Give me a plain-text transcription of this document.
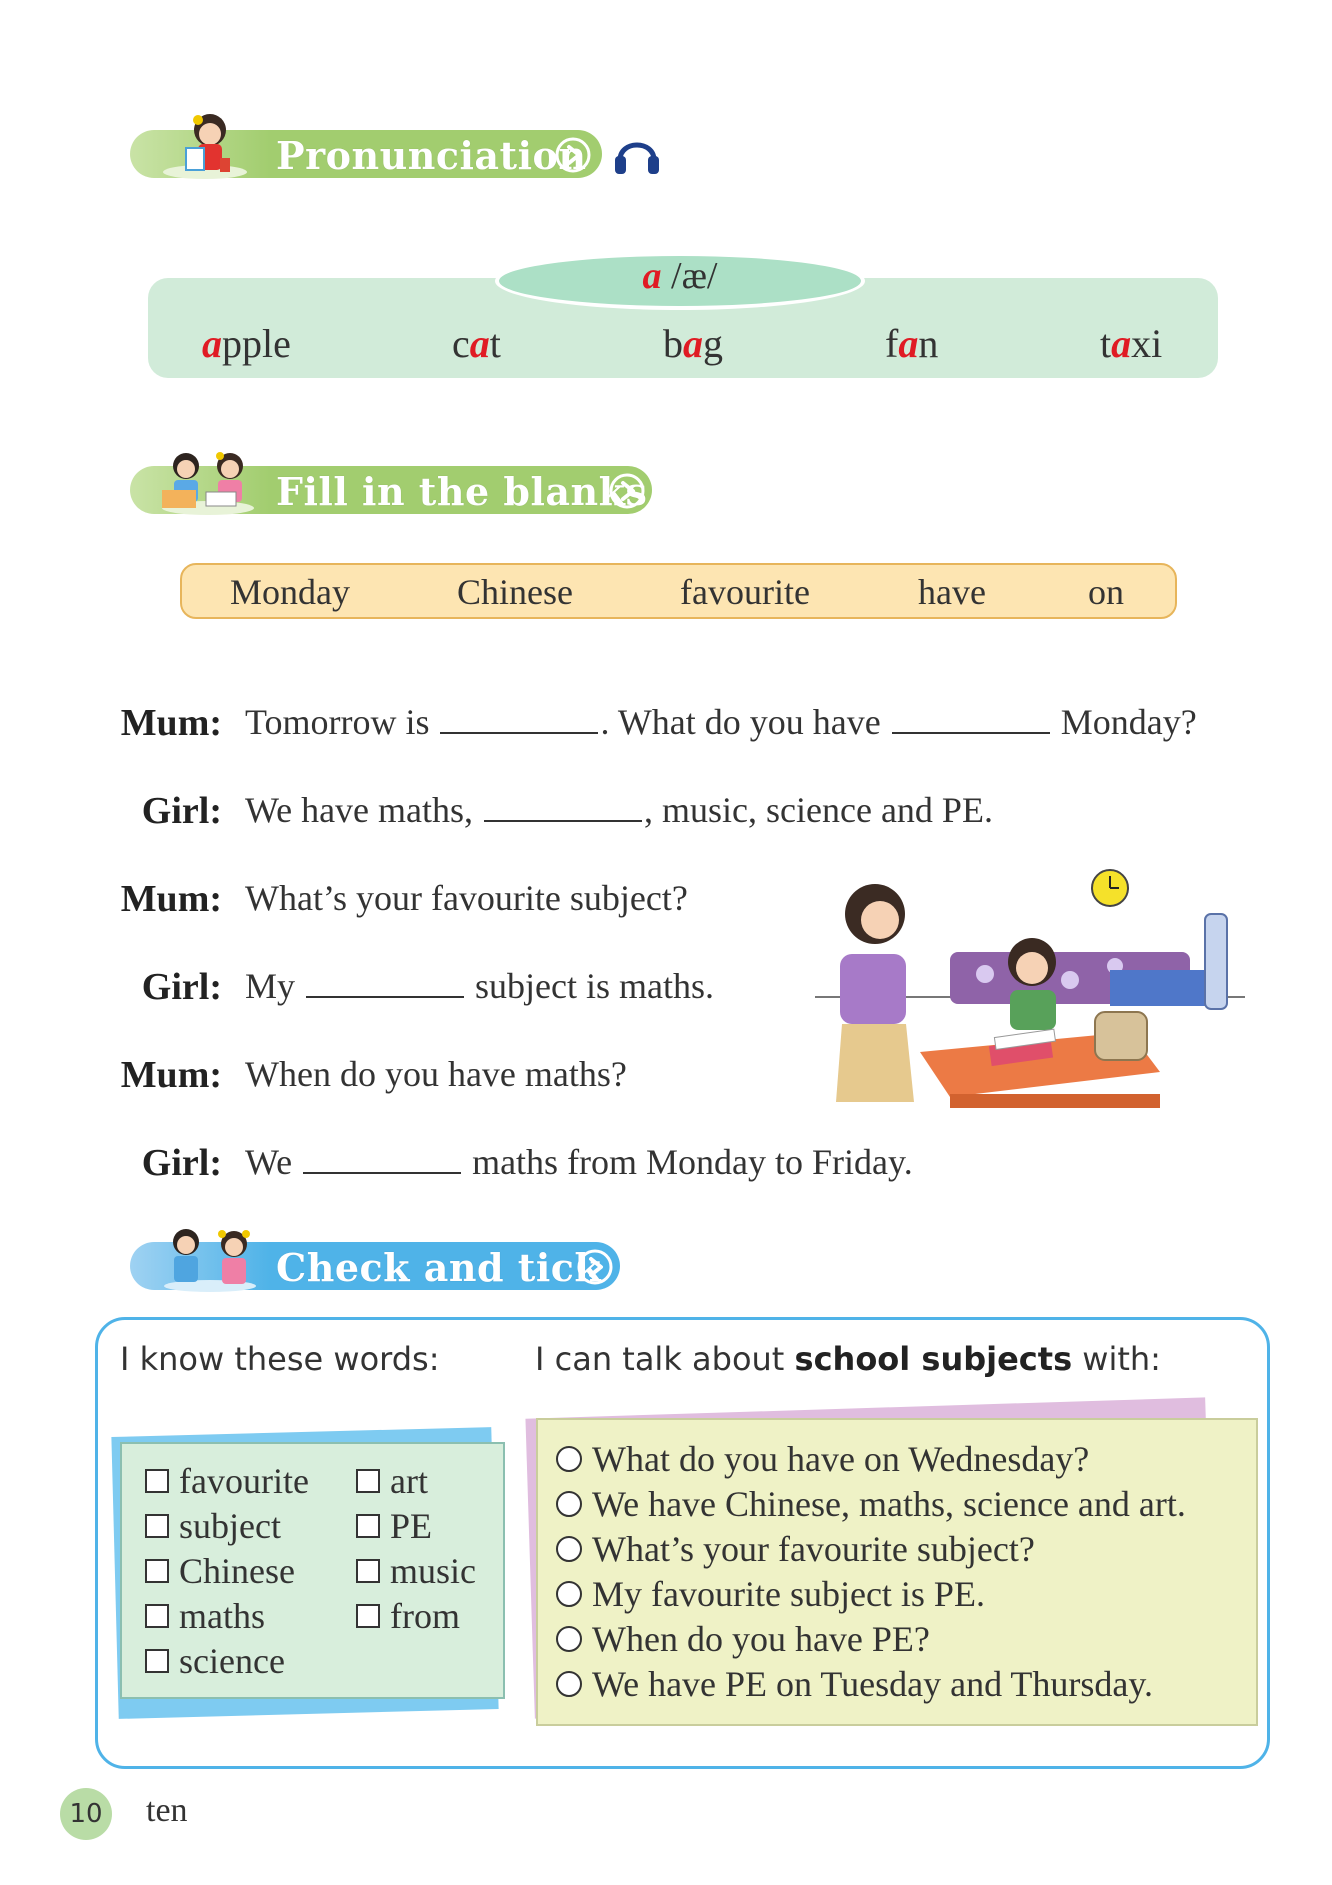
Pronunciation
a /æ/
apple	cat	bag	fan	taxi
Fill in the blanks
Monday	Chinese	favourite	have	on
Mum: Tomorrow is	. What do you have	Monday?
Girl: We have maths,	, music, science and PE.
Mum: What’s your favourite subject?
Girl: My	subject is maths.
Mum: When do you have maths?
Girl: We	maths from Monday to Friday.
Check and tick
I know these words:	I can talk about school subjects with:
favourite
subject
Chinese
maths
science
art
PE
music
from
What do you have on Wednesday?
We have Chinese, maths, science and art.
What’s your favourite subject?
My favourite subject is PE.
When do you have PE?
We have PE on Tuesday and Thursday.
10 ten
